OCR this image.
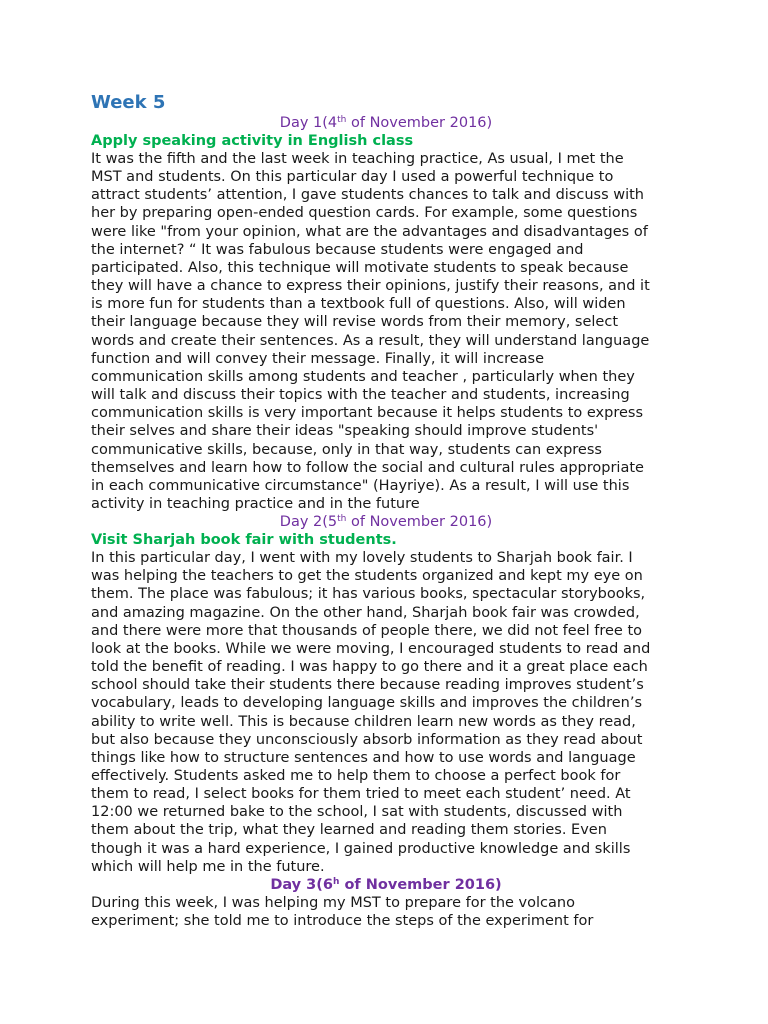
Week 5
Day 1(4th of November 2016)
Apply speaking activity in English class
It was the fifth and the last week in teaching practice, As usual, I met the
MST and students. On this particular day I used a powerful technique to
attract students’ attention, I gave students chances to talk and discuss with
her by preparing open-ended question cards. For example, some questions
were like "from your opinion, what are the advantages and disadvantages of
the internet? “ It was fabulous because students were engaged and
participated. Also, this technique will motivate students to speak because
they will have a chance to express their opinions, justify their reasons, and it
is more fun for students than a textbook full of questions. Also, will widen
their language because they will revise words from their memory, select
words and create their sentences. As a result, they will understand language
function and will convey their message. Finally, it will increase
communication skills among students and teacher , particularly when they
will talk and discuss their topics with the teacher and students, increasing
communication skills is very important because it helps students to express
their selves and share their ideas "speaking should improve students'
communicative skills, because, only in that way, students can express
themselves and learn how to follow the social and cultural rules appropriate
in each communicative circumstance" (Hayriye). As a result, I will use this
activity in teaching practice and in the future
Day 2(5th of November 2016)
Visit Sharjah book fair with students.
In this particular day, I went with my lovely students to Sharjah book fair. I
was helping the teachers to get the students organized and kept my eye on
them. The place was fabulous; it has various books, spectacular storybooks,
and amazing magazine. On the other hand, Sharjah book fair was crowded,
and there were more that thousands of people there, we did not feel free to
look at the books. While we were moving, I encouraged students to read and
told the benefit of reading. I was happy to go there and it a great place each
school should take their students there because reading improves student’s
vocabulary, leads to developing language skills and improves the children’s
ability to write well. This is because children learn new words as they read,
but also because they unconsciously absorb information as they read about
things like how to structure sentences and how to use words and language
effectively. Students asked me to help them to choose a perfect book for
them to read, I select books for them tried to meet each student’ need. At
12:00 we returned bake to the school, I sat with students, discussed with
them about the trip, what they learned and reading them stories. Even
though it was a hard experience, I gained productive knowledge and skills
which will help me in the future.
Day 3(6$^h$ of November 2016)
During this week, I was helping my MST to prepare for the volcano
experiment; she told me to introduce the steps of the experiment for
